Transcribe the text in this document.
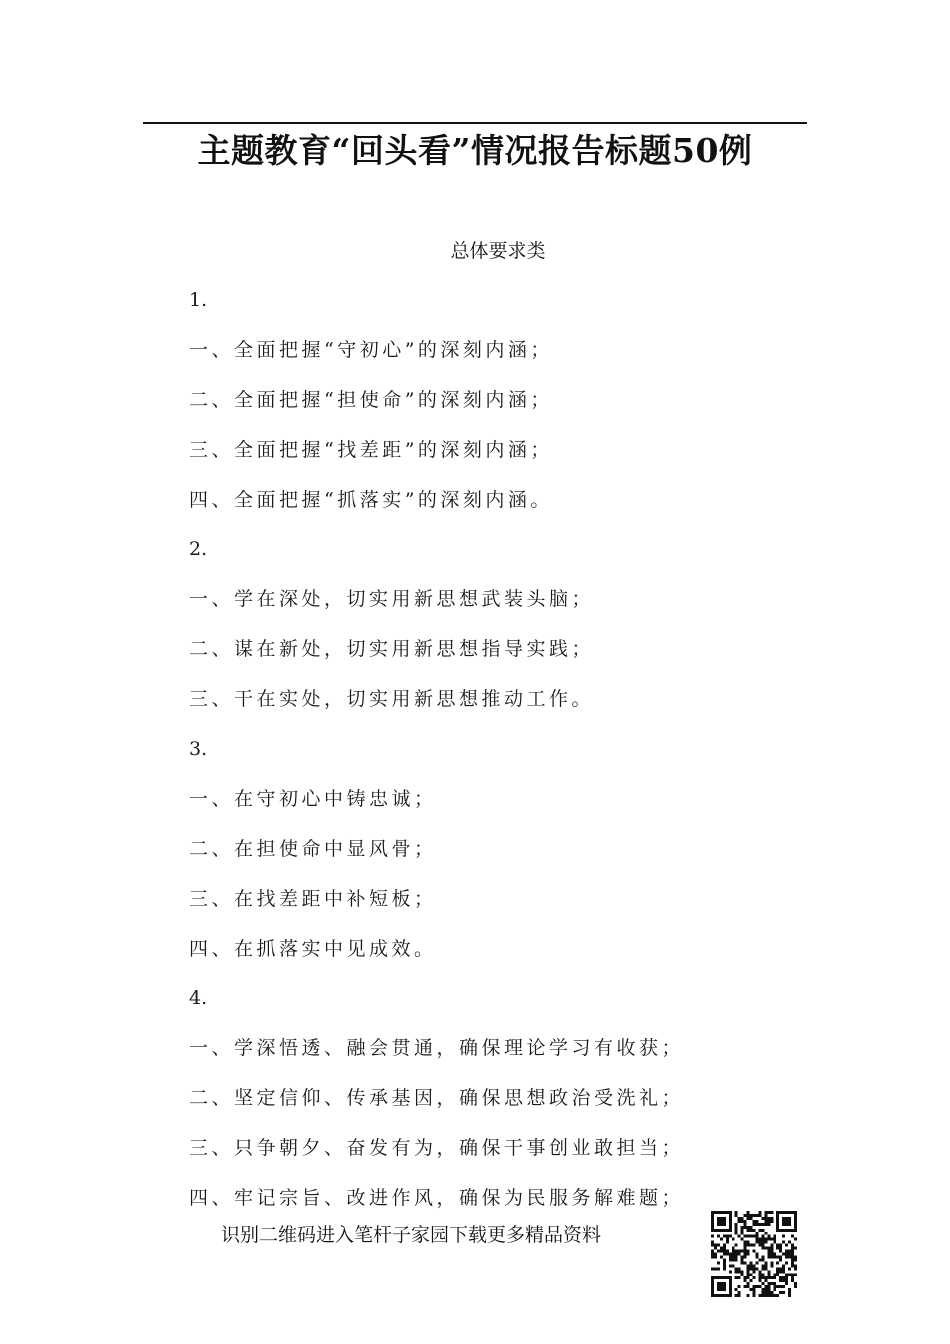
主题教育“回头看”情况报告标题50例
总体要求类
1.
一、全面把握“守初心”的深刻内涵；
二、全面把握“担使命”的深刻内涵；
三、全面把握“找差距”的深刻内涵；
四、全面把握“抓落实”的深刻内涵。
2.
一、学在深处，切实用新思想武装头脑；
二、谋在新处，切实用新思想指导实践；
三、干在实处，切实用新思想推动工作。
3.
一、在守初心中铸忠诚；
二、在担使命中显风骨；
三、在找差距中补短板；
四、在抓落实中见成效。
4.
一、学深悟透、融会贯通，确保理论学习有收获；
二、坚定信仰、传承基因，确保思想政治受洗礼；
三、只争朝夕、奋发有为，确保干事创业敢担当；
四、牢记宗旨、改进作风，确保为民服务解难题；
识别二维码进入笔杆子家园下载更多精品资料
